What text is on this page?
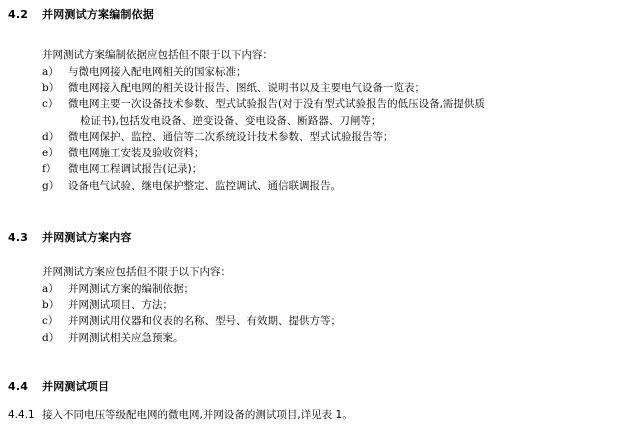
4.2 并网测试方案编制依据
并网测试方案编制依据应包括但不限于以下内容：
a） 与微电网接入配电网相关的国家标准；
b） 微电网接入配电网的相关设计报告、图纸、说明书以及主要电气设备一览表；
c） 微电网主要一次设备技术参数、型式试验报告(对于没有型式试验报告的低压设备,需提供质
检证书),包括发电设备、逆变设备、变电设备、断路器、刀闸等；
d） 微电网保护、监控、通信等二次系统设计技术参数、型式试验报告等；
e） 微电网施工安装及验收资料；
f）	微电网工程调试报告(记录)；
g） 设备电气试验、继电保护整定、监控调试、通信联调报告。
4.3 并网测试方案内容
并网测试方案应包括但不限于以下内容：
a） 并网测试方案的编制依据；
b） 并网测试项目、方法；
c） 并网测试用仪器和仪表的名称、型号、有效期、提供方等；
d） 并网测试相关应急预案。
4.4 并网测试项目
4.4.1 接入不同电压等级配电网的微电网,并网设备的测试项目,详见表 1。
